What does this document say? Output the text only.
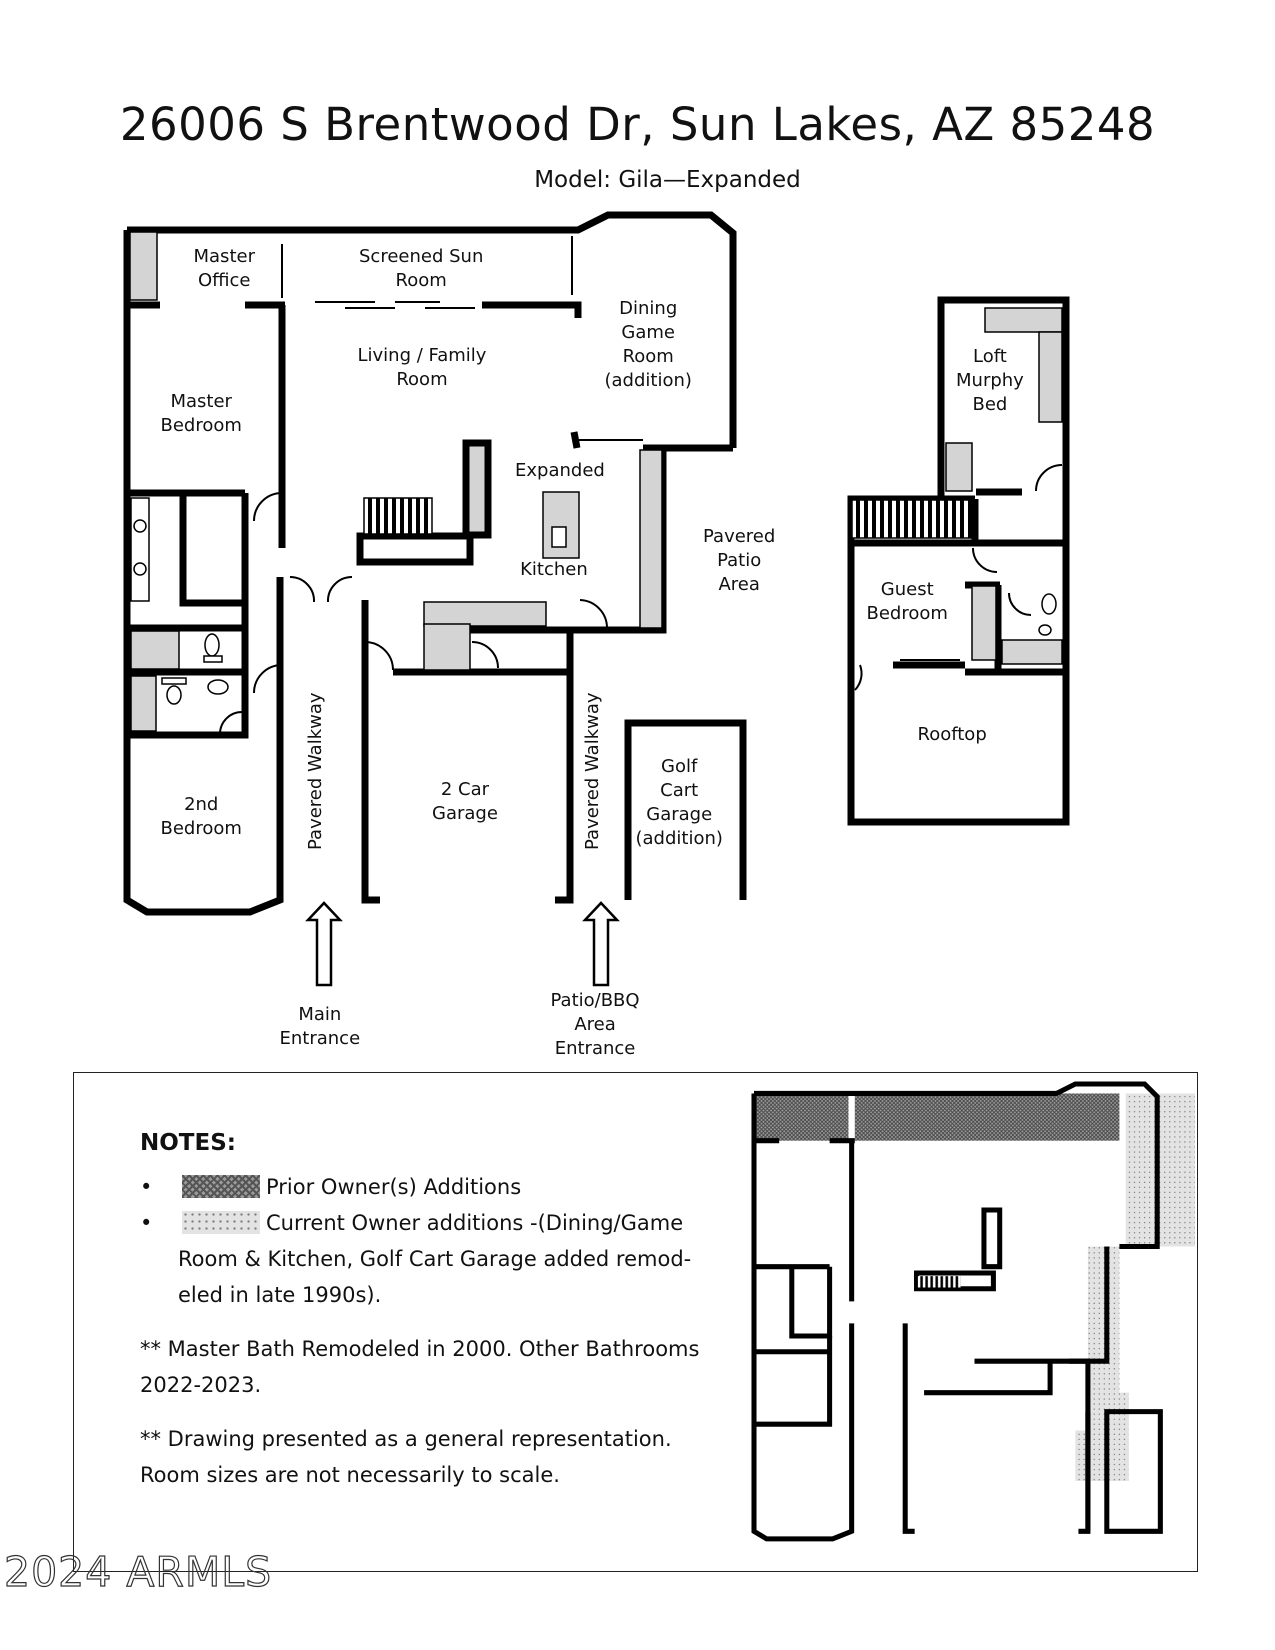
26006 S Brentwood Dr, Sun Lakes, AZ 85248
Model: Gila—Expanded
Master
Office
Screened Sun
Room
Dining
Game
Room
(addition)
Living / Family
Room
Master
Bedroom
Expanded
Kitchen
Pavered
Patio
Area
2nd
Bedroom
2 Car
Garage
Golf
Cart
Garage
(addition)
Loft
Murphy
Bed
Guest
Bedroom
Rooftop
Main
Entrance
Patio/BBQ
Area
Entrance
Pavered Walkway	Pavered Walkway
NOTES:
•	Prior Owner(s) Additions
•	Current Owner additions -(Dining/Game Room & Kitchen, Golf Cart Garage added remod-eled in late 1990s).

** Master Bath Remodeled in 2000. Other Bathrooms 2022-2023.

** Drawing presented as a general representation. Room sizes are not necessarily to scale.

2024 ARMLS
